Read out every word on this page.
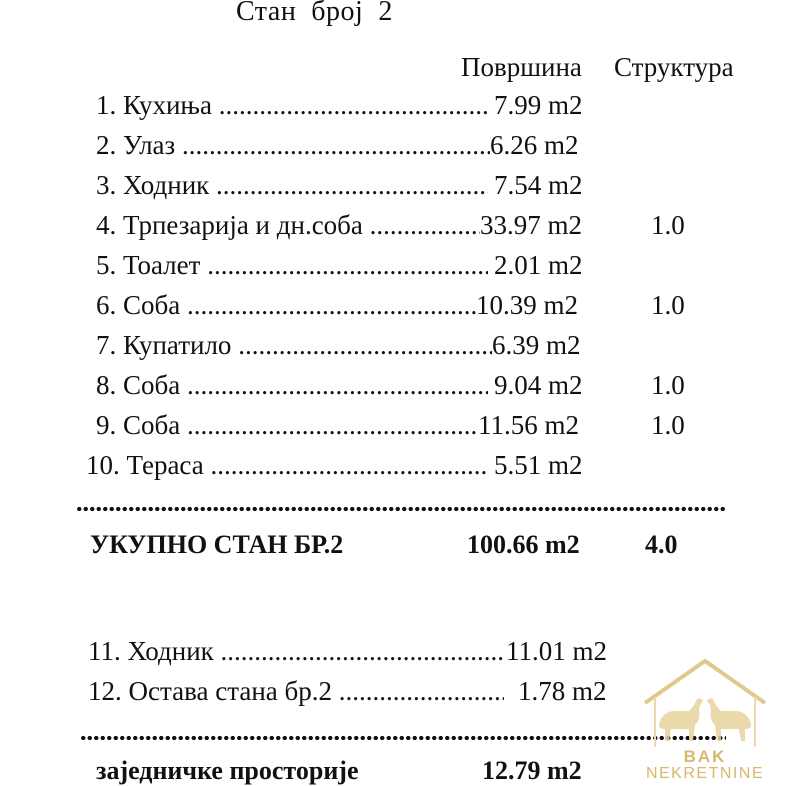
Стан  број  2
Површина Структура
1. Кухиња .....	7.99 m2
2. Улаз .....	6.26 m2
3. Ходник .....	7.54 m2
4. Трпезарија и дн.соба .....	33.97 m2	1.0
5. Тоалет .....	2.01 m2
6. Соба .....	10.39 m2	1.0
7. Купатило .....	6.39 m2
8. Соба .....	9.04 m2	1.0
9. Соба .....	11.56 m2	1.0
10. Тераса .....	5.51 m2
УКУПНО СТАН БР.2	100.66 m2	4.0
11. Ходник .....	11.01 m2
12. Остава стана бр.2 .....	1.78 m2
заједничке просторије	12.79 m2	BAK
NEKRETNINE
